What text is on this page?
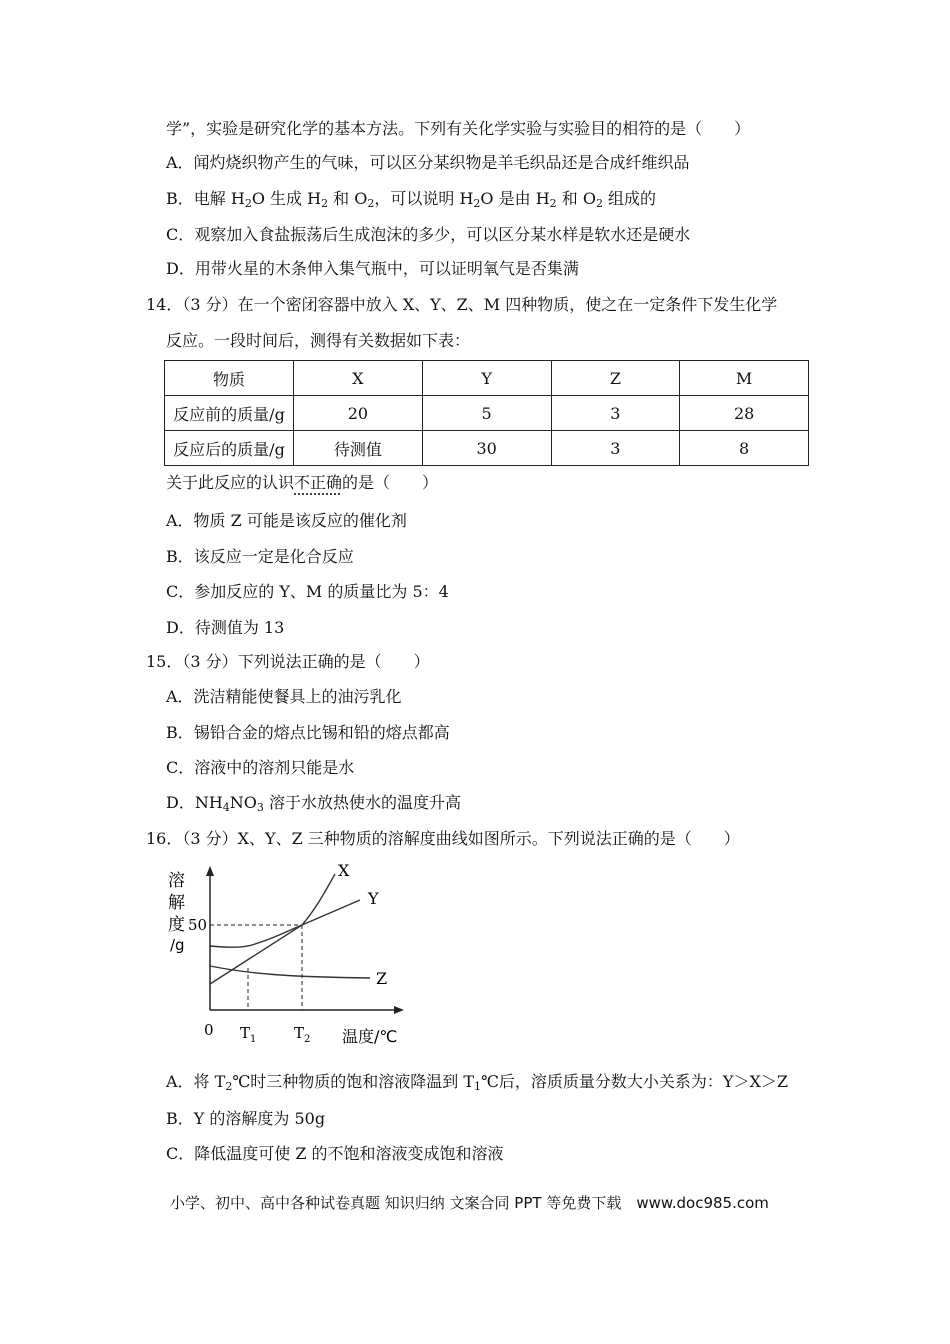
学”，实验是研究化学的基本方法。下列有关化学实验与实验目的相符的是（　　）
A．闻灼烧织物产生的气味，可以区分某织物是羊毛织品还是合成纤维织品
B．电解 $H_2O$ 生成 $H_2$ 和 $O_2$，可以说明 $H_2O$ 是由 $H_2$ 和 $O_2$ 组成的
C．观察加入食盐振荡后生成泡沫的多少，可以区分某水样是软水还是硬水
D．用带火星的木条伸入集气瓶中，可以证明氧气是否集满
14．（3 分）在一个密闭容器中放入 X、Y、Z、M 四种物质，使之在一定条件下发生化学
反应。一段时间后，测得有关数据如下表：
物质	X	Y	Z	M
反应前的质量/g	20	5	3	28
反应后的质量/g	待测值	30	3	8
关于此反应的认识不正确的是（　　）
A．物质 Z 可能是该反应的催化剂
B．该反应一定是化合反应
C．参加反应的 Y、M 的质量比为 5：4
D．待测值为 13
15．（3 分）下列说法正确的是（　　）
A．洗洁精能使餐具上的油污乳化
B．锡铅合金的熔点比锡和铅的熔点都高
C．溶液中的溶剂只能是水
D．$NH_4NO_3$ 溶于水放热使水的温度升高
16．（3 分）X、Y、Z 三种物质的溶解度曲线如图所示。下列说法正确的是（　　）
溶
解
度
/g
50
0 $T_1$	$T_2$ 温度/℃
X
Y
Z
A．将 $T_2℃$时三种物质的饱和溶液降温到 $T_1℃$后，溶质质量分数大小关系为：Y＞X＞Z
B．Y 的溶解度为 50g
C．降低温度可使 Z 的不饱和溶液变成饱和溶液
小学、初中、高中各种试卷真题 知识归纳 文案合同 PPT 等免费下载　www.doc985.com
